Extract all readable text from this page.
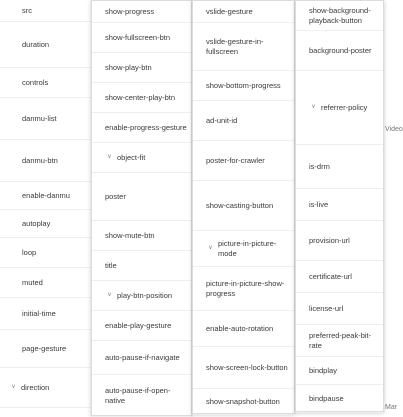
Video
Mar
src
duration
controls
danmu-list
danmu-btn
enable-danmu
autoplay
loop
muted
initial-time
page-gesture
∨ direction
show-progress
show-fullscreen-btn
show-play-btn
show-center-play-btn
enable-progress-gesture
∨ object-fit
poster
show-mute-btn
title
∨ play-btn-position
enable-play-gesture
auto-pause-if-navigate
auto-pause-if-open-native
vslide-gesture
vslide-gesture-in-fullscreen
show-bottom-progress
ad-unit-id
poster-for-crawler
show-casting-button
∨ picture-in-picture-mode
picture-in-picture-show-progress
enable-auto-rotation
show-screen-lock-button
show-snapshot-button
show-background-playback-button
background-poster
∨ referrer-policy
is-drm
is-live
provision-url
certificate-url
license-url
preferred-peak-bit-rate
bindplay
bindpause
